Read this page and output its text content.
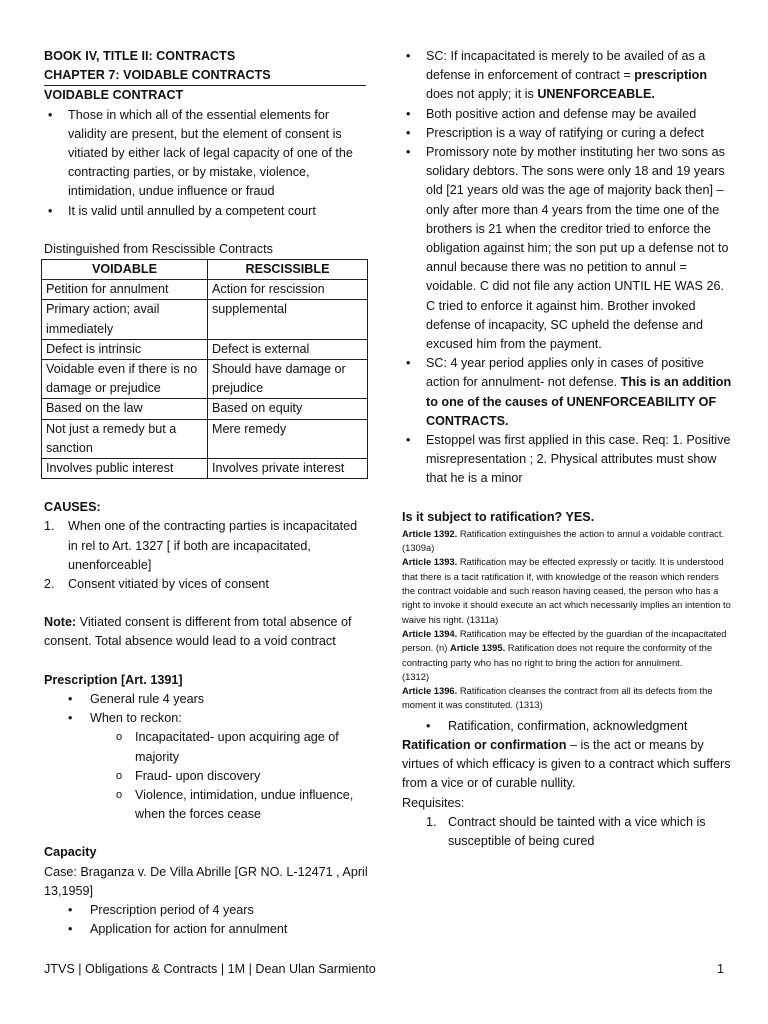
BOOK IV, TITLE II: CONTRACTS
CHAPTER 7: VOIDABLE CONTRACTS
VOIDABLE CONTRACT
• Those in which all of the essential elements for validity are present, but the element of consent is vitiated by either lack of legal capacity of one of the contracting parties, or by mistake, violence, intimidation, undue influence or fraud
• It is valid until annulled by a competent court
Distinguished from Rescissible Contracts
VOIDABLE	RESCISSIBLE
Petition for annulment	Action for rescission
Primary action; avail immediately	supplemental
Defect is intrinsic	Defect is external
Voidable even if there is no damage or prejudice	Should have damage or prejudice
Based on the law	Based on equity
Not just a remedy but a sanction	Mere remedy
Involves public interest	Involves private interest
CAUSES:
1. When one of the contracting parties is incapacitated in rel to Art. 1327 [ if both are incapacitated, unenforceable]
2. Consent vitiated by vices of consent

Note: Vitiated consent is different from total absence of consent. Total absence would lead to a void contract

Prescription [Art. 1391]
• General rule 4 years
• When to reckon:
o Incapacitated- upon acquiring age of majority
o Fraud- upon discovery
o Violence, intimidation, undue influence, when the forces cease
Capacity
Case: Braganza v. De Villa Abrille [GR NO. L-12471 , April 13,1959]
• Prescription period of 4 years
• Application for action for annulment
• SC: If incapacitated is merely to be availed of as a defense in enforcement of contract = prescription does not apply; it is UNENFORCEABLE.
• Both positive action and defense may be availed
• Prescription is a way of ratifying or curing a defect
• Promissory note by mother instituting her two sons as solidary debtors. The sons were only 18 and 19 years old [21 years old was the age of majority back then] – only after more than 4 years from the time one of the brothers is 21 when the creditor tried to enforce the obligation against him; the son put up a defense not to annul because there was no petition to annul = voidable. C did not file any action UNTIL HE WAS 26. C tried to enforce it against him. Brother invoked defense of incapacity, SC upheld the defense and excused him from the payment.
• SC: 4 year period applies only in cases of positive action for annulment- not defense. This is an addition to one of the causes of UNENFORCEABILITY OF CONTRACTS.
• Estoppel was first applied in this case. Req: 1. Positive misrepresentation ; 2. Physical attributes must show that he is a minor
Is it subject to ratification? YES.
Article 1392. Ratification extinguishes the action to annul a voidable contract. (1309a)
Article 1393. Ratification may be effected expressly or tacitly. It is understood that there is a tacit ratification if, with knowledge of the reason which renders the contract voidable and such reason having ceased, the person who has a right to invoke it should execute an act which necessarily implies an intention to waive his right. (1311a)
Article 1394. Ratification may be effected by the guardian of the incapacitated person. (n) Article 1395. Ratification does not require the conformity of the contracting party who has no right to bring the action for annulment.
(1312)
Article 1396. Ratification cleanses the contract from all its defects from the moment it was constituted. (1313)
• Ratification, confirmation, acknowledgment

Ratification or confirmation – is the act or means by virtues of which efficacy is given to a contract which suffers from a vice or of curable nullity.

Requisites:
1. Contract should be tainted with a vice which is susceptible of being cured
JTVS | Obligations & Contracts | 1M | Dean Ulan Sarmiento	1
